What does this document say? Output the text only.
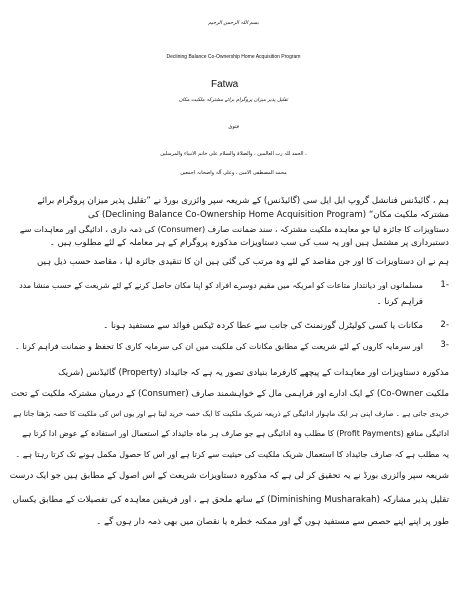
بسم اللہ الرحمن الرحیم
Declining Balance Co-Ownership Home Acquisition Program
Fatwa
تقلیل پذیر میزان پروگرام برائے مشترکہ ملکیت مکان
فتویٰ
الحمد للہ رب العالمین ، والصلاۃ والسلام علی خاتم الانبیاء والمرسلین ،
محمد المصطفی الامین ، وعلی آلہ واصحابہ اجمعین
ہم ، گائیڈنس فنانشل گروپ ایل ایل سی (گائیڈنس) کے شریعہ سپر وائزری بورڈ نے ”تقلیل پذیر میزان پروگرام برائے
مشترکہ ملکیت مکان“ (Declining Balance Co-Ownership Home Acquisition Program) کی
دستاویزات کا جائزہ لیا جو معاہدہ ملکیت مشترکہ ، سند ضمانت صارف (Consumer) کی ذمہ داری ، ادائیگی اور معاہدات سے
دستبرداری پر مشتمل ہیں اور یہ سب کی سب دستاویزات مذکورہ پروگرام کے ہر معاملہ کے لئے مطلوب ہیں ۔
ہم نے ان دستاویزات کا اور جن مقاصد کے لئے وہ مرتب کی گئی ہیں ان کا تنقیدی جائزہ لیا ، مقاصد حسب ذیل ہیں
1-
مسلمانوں اور دیانتدار متاعات کو امریکہ میں مقیم دوسرے افراد کو اپنا مکان حاصل کرنے کے لئے شریعت کے حسب منشا مدد
فراہم کرنا ۔
2-
مکانات یا کسی کولیٹرل گورنمنٹ کی جانب سے عطا کردہ ٹیکس فوائد سے مستفید ہونا ۔
3-
اور سرمایہ کاروں کے لئے شریعت کے مطابق مکانات کی ملکیت میں ان کی سرمایہ کاری کا تحفظ و ضمانت فراہم کرنا ۔
مذکورہ دستاویزات اور معاہدات کے پیچھے کارفرما بنیادی تصور یہ ہے کہ جائیداد (Property) گائیڈنس (شریک
ملکیت Co-Owner) کے ایک ادارے اور فراہمی مال کے خواہشمند صارف (Consumer) کے درمیان مشترکہ ملکیت کے تحت
خریدی جاتی ہے ۔ صارف اپنی ہر ایک ماہوار ادائیگی کے ذریعہ شریک ملکیت کا ایک حصہ خرید لیتا ہے اور یوں اس کی ملکیت کا حصہ بڑھتا جاتا ہے
ادائیگی منافع (Profit Payments) کا مطلب وہ ادائیگی ہے جو صارف ہر ماہ جائیداد کے استعمال اور استفادہ کے عوض ادا کرتا ہے
یہ مطلب ہے کہ صارف جائیداد کا استعمال شریک ملکیت کی حیثیت سے کرتا ہے اور اس کا حصول مکمل ہونے تک کرتا رہتا ہے ۔
شریعہ سپر وائزری بورڈ نے یہ تحقیق کر لی ہے کہ مذکورہ دستاویزات شریعت کے اس اصول کے مطابق ہیں جو ایک درست
تقلیل پذیر مشارکہ (Diminishing Musharakah) کے ساتھ ملحق ہے ، اور فریقین معاہدہ کی تفصیلات کے مطابق یکساں
طور پر اپنے اپنے حصص سے مستفید ہوں گے اور ممکنہ خطرہ یا نقصان میں بھی ذمہ دار ہوں گے ۔
